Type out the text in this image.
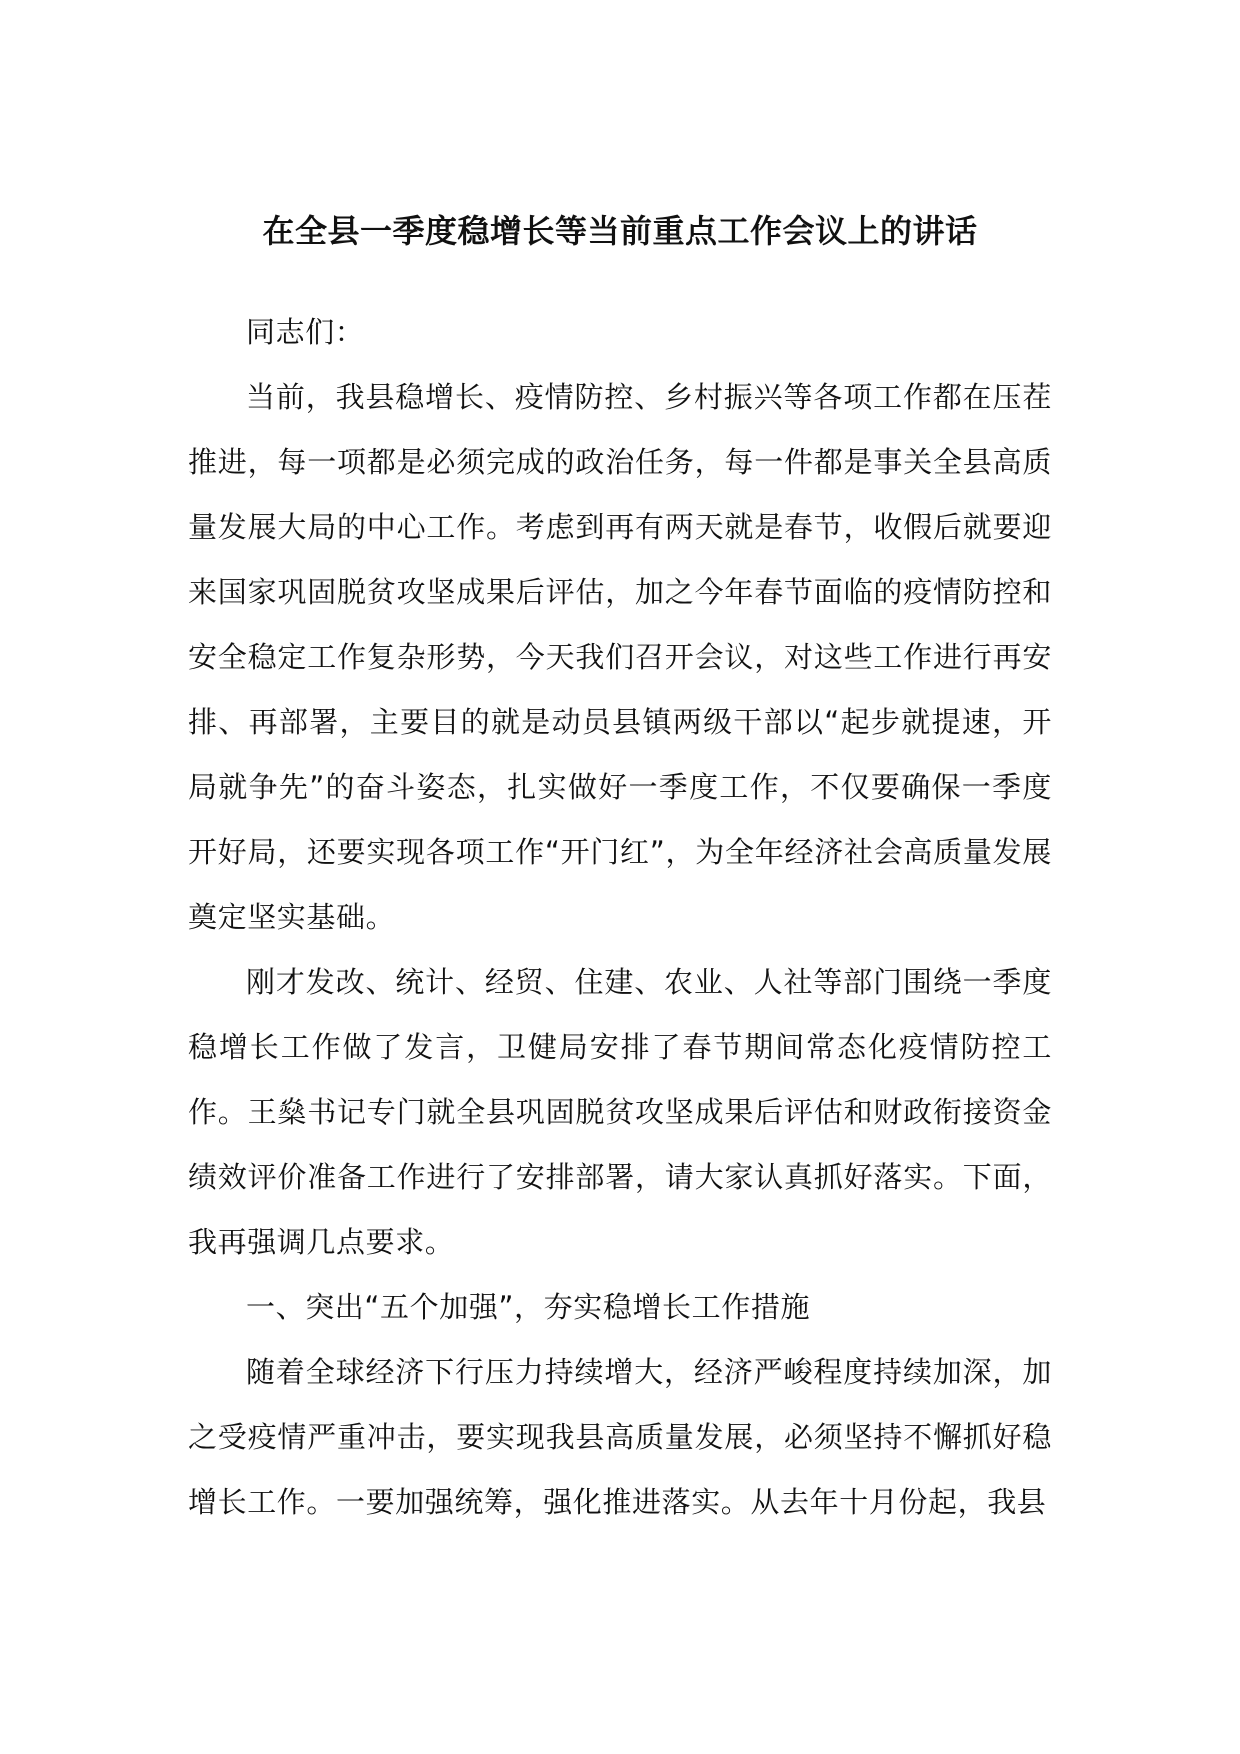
在全县一季度稳增长等当前重点工作会议上的讲话

同志们：

当前，我县稳增长、疫情防控、乡村振兴等各项工作都在压茬推进，每一项都是必须完成的政治任务，每一件都是事关全县高质量发展大局的中心工作。考虑到再有两天就是春节，收假后就要迎来国家巩固脱贫攻坚成果后评估，加之今年春节面临的疫情防控和安全稳定工作复杂形势，今天我们召开会议，对这些工作进行再安排、再部署，主要目的就是动员县镇两级干部以“起步就提速，开局就争先”的奋斗姿态，扎实做好一季度工作，不仅要确保一季度开好局，还要实现各项工作“开门红”，为全年经济社会高质量发展奠定坚实基础。

刚才发改、统计、经贸、住建、农业、人社等部门围绕一季度稳增长工作做了发言，卫健局安排了春节期间常态化疫情防控工作。王燊书记专门就全县巩固脱贫攻坚成果后评估和财政衔接资金绩效评价准备工作进行了安排部署，请大家认真抓好落实。下面，我再强调几点要求。

一、突出“五个加强”，夯实稳增长工作措施

随着全球经济下行压力持续增大，经济严峻程度持续加深，加之受疫情严重冲击，要实现我县高质量发展，必须坚持不懈抓好稳增长工作。一要加强统筹，强化推进落实。从去年十月份起，我县
